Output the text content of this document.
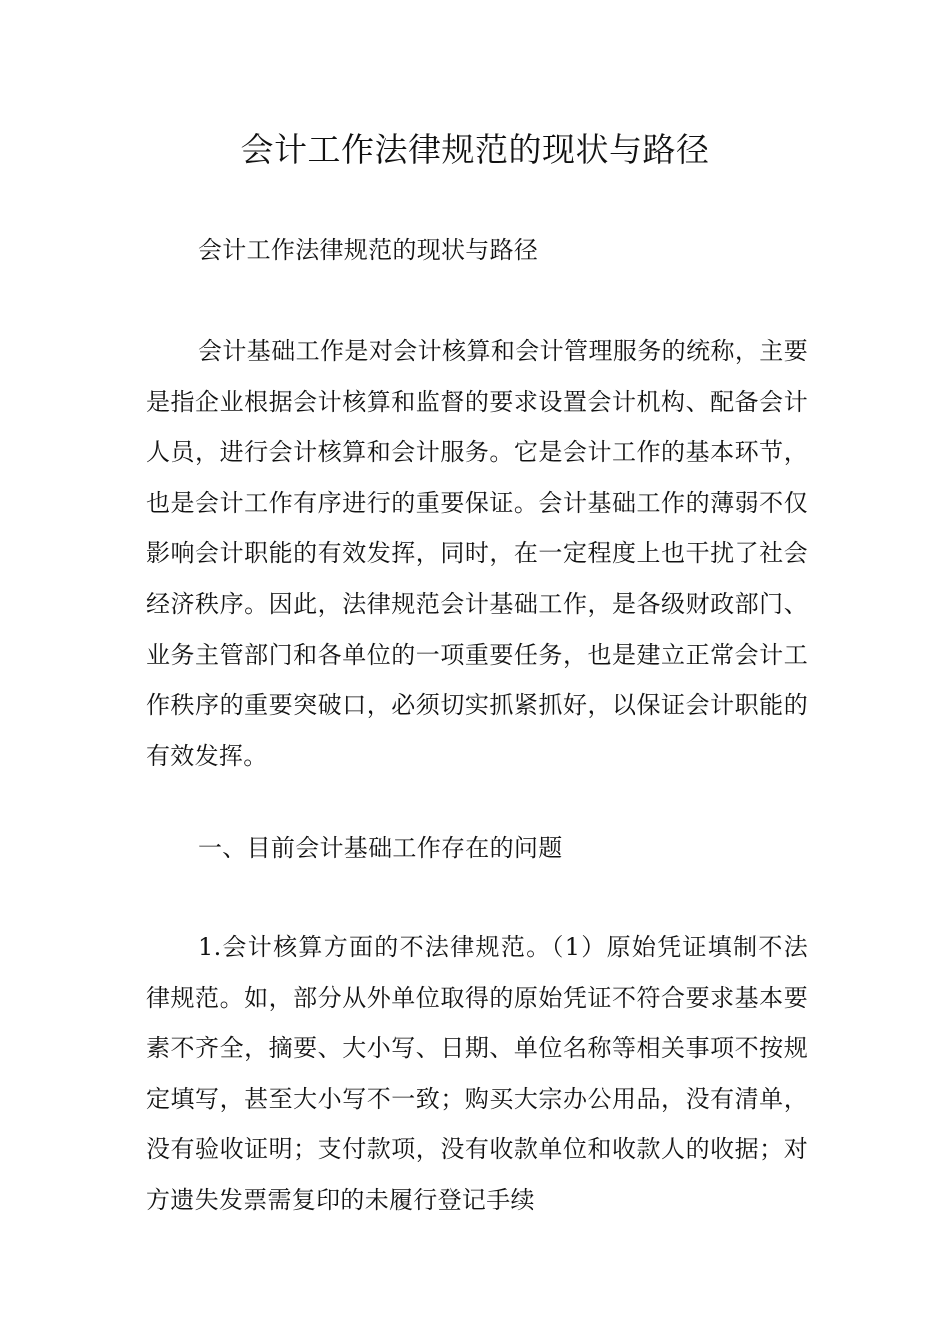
会计工作法律规范的现状与路径

会计工作法律规范的现状与路径

会计基础工作是对会计核算和会计管理服务的统称，主要是指企业根据会计核算和监督的要求设置会计机构、配备会计人员，进行会计核算和会计服务。它是会计工作的基本环节，也是会计工作有序进行的重要保证。会计基础工作的薄弱不仅影响会计职能的有效发挥，同时，在一定程度上也干扰了社会经济秩序。因此，法律规范会计基础工作，是各级财政部门、业务主管部门和各单位的一项重要任务，也是建立正常会计工作秩序的重要突破口，必须切实抓紧抓好，以保证会计职能的有效发挥。

一、目前会计基础工作存在的问题

1.会计核算方面的不法律规范。（1）原始凭证填制不法律规范。如，部分从外单位取得的原始凭证不符合要求基本要素不齐全，摘要、大小写、日期、单位名称等相关事项不按规定填写，甚至大小写不一致；购买大宗办公用品，没有清单，没有验收证明；支付款项，没有收款单位和收款人的收据；对方遗失发票需复印的未履行登记手续
